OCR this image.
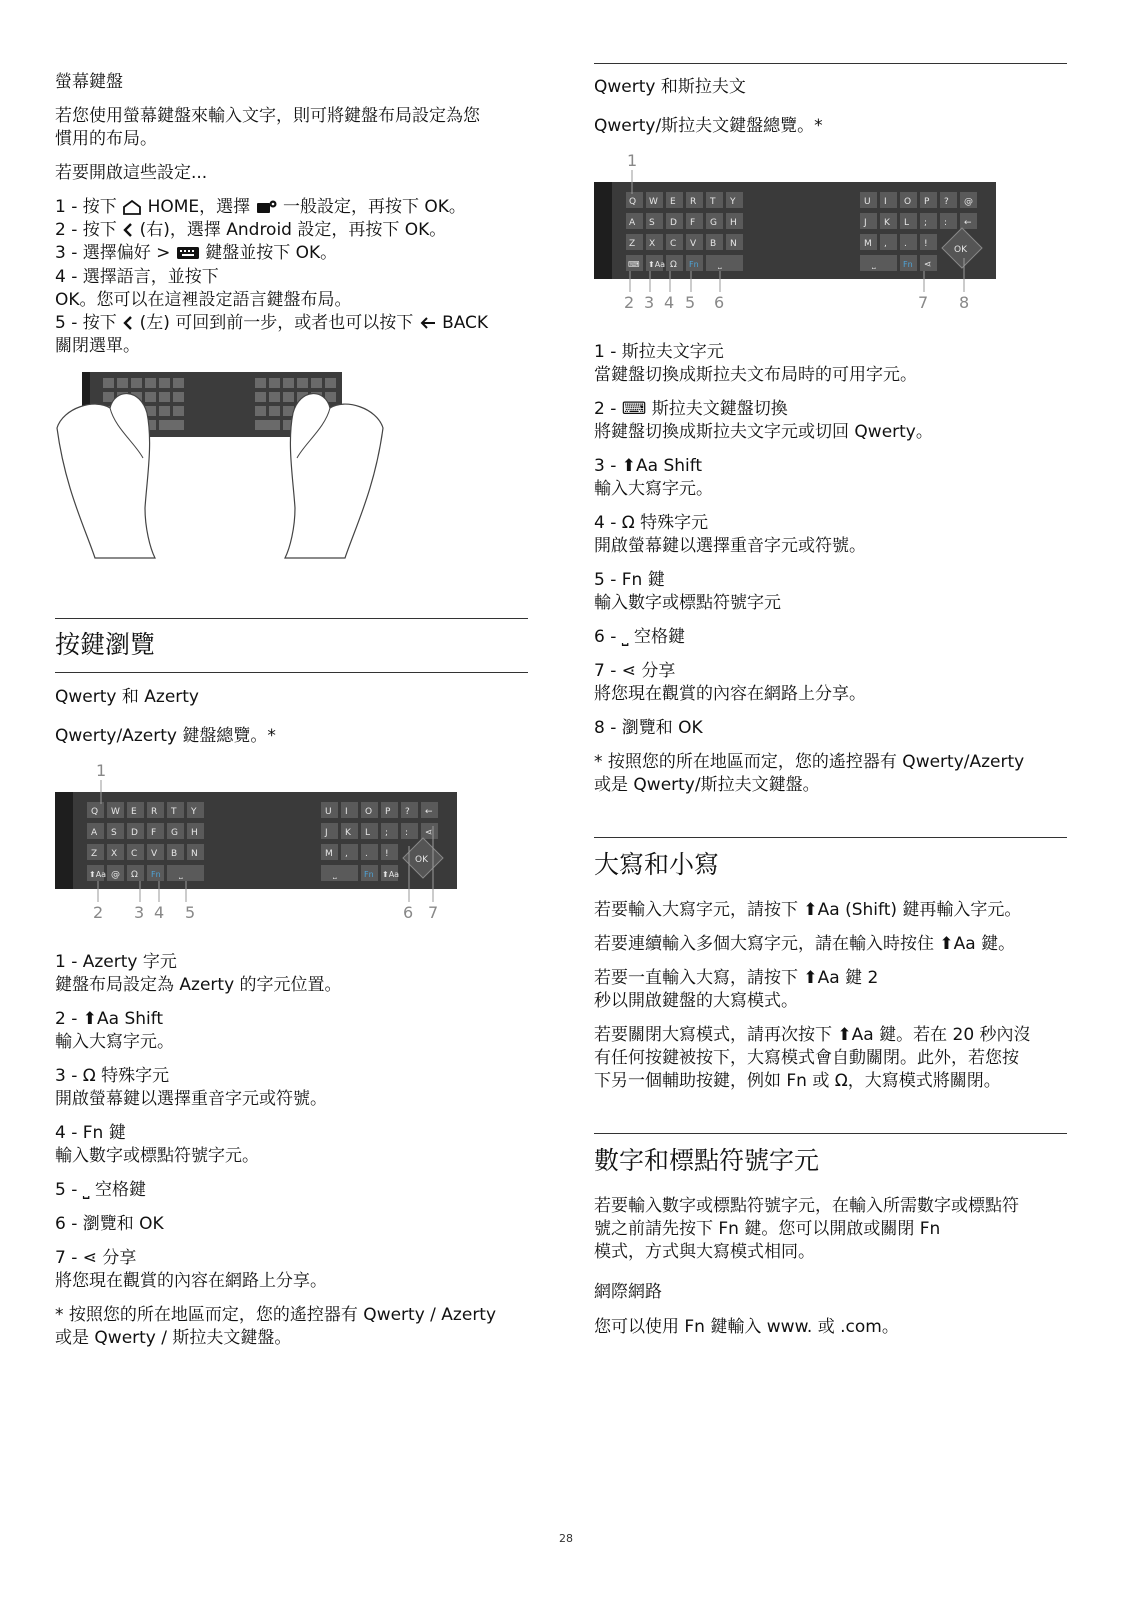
螢幕鍵盤
若您使用螢幕鍵盤來輸入文字，則可將鍵盤布局設定為您
慣用的布局。
若要開啟這些設定...
1 - 按下 HOME，選擇 一般設定，再按下 OK。
2 - 按下 (右)，選擇 Android 設定，再按下 OK。
3 - 選擇偏好 > 鍵盤並按下 OK。
4 - 選擇語言，並按下
OK。您可以在這裡設定語言鍵盤布局。
5 - 按下 (左) 可回到前一步，或者也可以按下 BACK
關閉選單。
按鍵瀏覽
Qwerty 和 Azerty
Qwerty/Azerty 鍵盤總覽。*
Q W E R T Y
A S D F G H
Z X C V B N
⬆Aa @ Ω Fn ⎵
U I O P ? ←
J K L ; : ⋖
M , . !
⎵	Fn ⬆Aa
OK
1
2 3 4 5	6 7
1 - Azerty 字元
鍵盤布局設定為 Azerty 的字元位置。
2 - ⬆Aa Shift
輸入大寫字元。
3 - Ω 特殊字元
開啟螢幕鍵以選擇重音字元或符號。
4 - Fn 鍵
輸入數字或標點符號字元。
5 - ⎵ 空格鍵
6 - 瀏覽和 OK
7 - ⋖ 分享
將您現在觀賞的內容在網路上分享。
* 按照您的所在地區而定，您的遙控器有 Qwerty / Azerty
或是 Qwerty / 斯拉夫文鍵盤。
Qwerty 和斯拉夫文
Qwerty/斯拉夫文鍵盤總覽。*
Q W E R T Y
A S D F G H
Z X C V B N
⌨ ⬆Aa Ω Fn ⎵
U I O P ? @
J K L ; : ←
M , . !
⎵	Fn ⋖
OK
1
2 3 4 5 6	7 8
1 - 斯拉夫文字元
當鍵盤切換成斯拉夫文布局時的可用字元。
2 - ⌨ 斯拉夫文鍵盤切換
將鍵盤切換成斯拉夫文字元或切回 Qwerty。
3 - ⬆Aa Shift
輸入大寫字元。
4 - Ω 特殊字元
開啟螢幕鍵以選擇重音字元或符號。
5 - Fn 鍵
輸入數字或標點符號字元
6 - ⎵ 空格鍵
7 - ⋖ 分享
將您現在觀賞的內容在網路上分享。
8 - 瀏覽和 OK
* 按照您的所在地區而定，您的遙控器有 Qwerty/Azerty
或是 Qwerty/斯拉夫文鍵盤。
大寫和小寫
若要輸入大寫字元，請按下 ⬆Aa (Shift) 鍵再輸入字元。
若要連續輸入多個大寫字元，請在輸入時按住 ⬆Aa 鍵。
若要一直輸入大寫，請按下 ⬆Aa 鍵 2
秒以開啟鍵盤的大寫模式。
若要關閉大寫模式，請再次按下 ⬆Aa 鍵。若在 20 秒內沒
有任何按鍵被按下，大寫模式會自動關閉。此外，若您按
下另一個輔助按鍵，例如 Fn 或 Ω，大寫模式將關閉。
數字和標點符號字元
若要輸入數字或標點符號字元，在輸入所需數字或標點符
號之前請先按下 Fn 鍵。您可以開啟或關閉 Fn
模式，方式與大寫模式相同。
網際網路
您可以使用 Fn 鍵輸入 www. 或 .com。
28
